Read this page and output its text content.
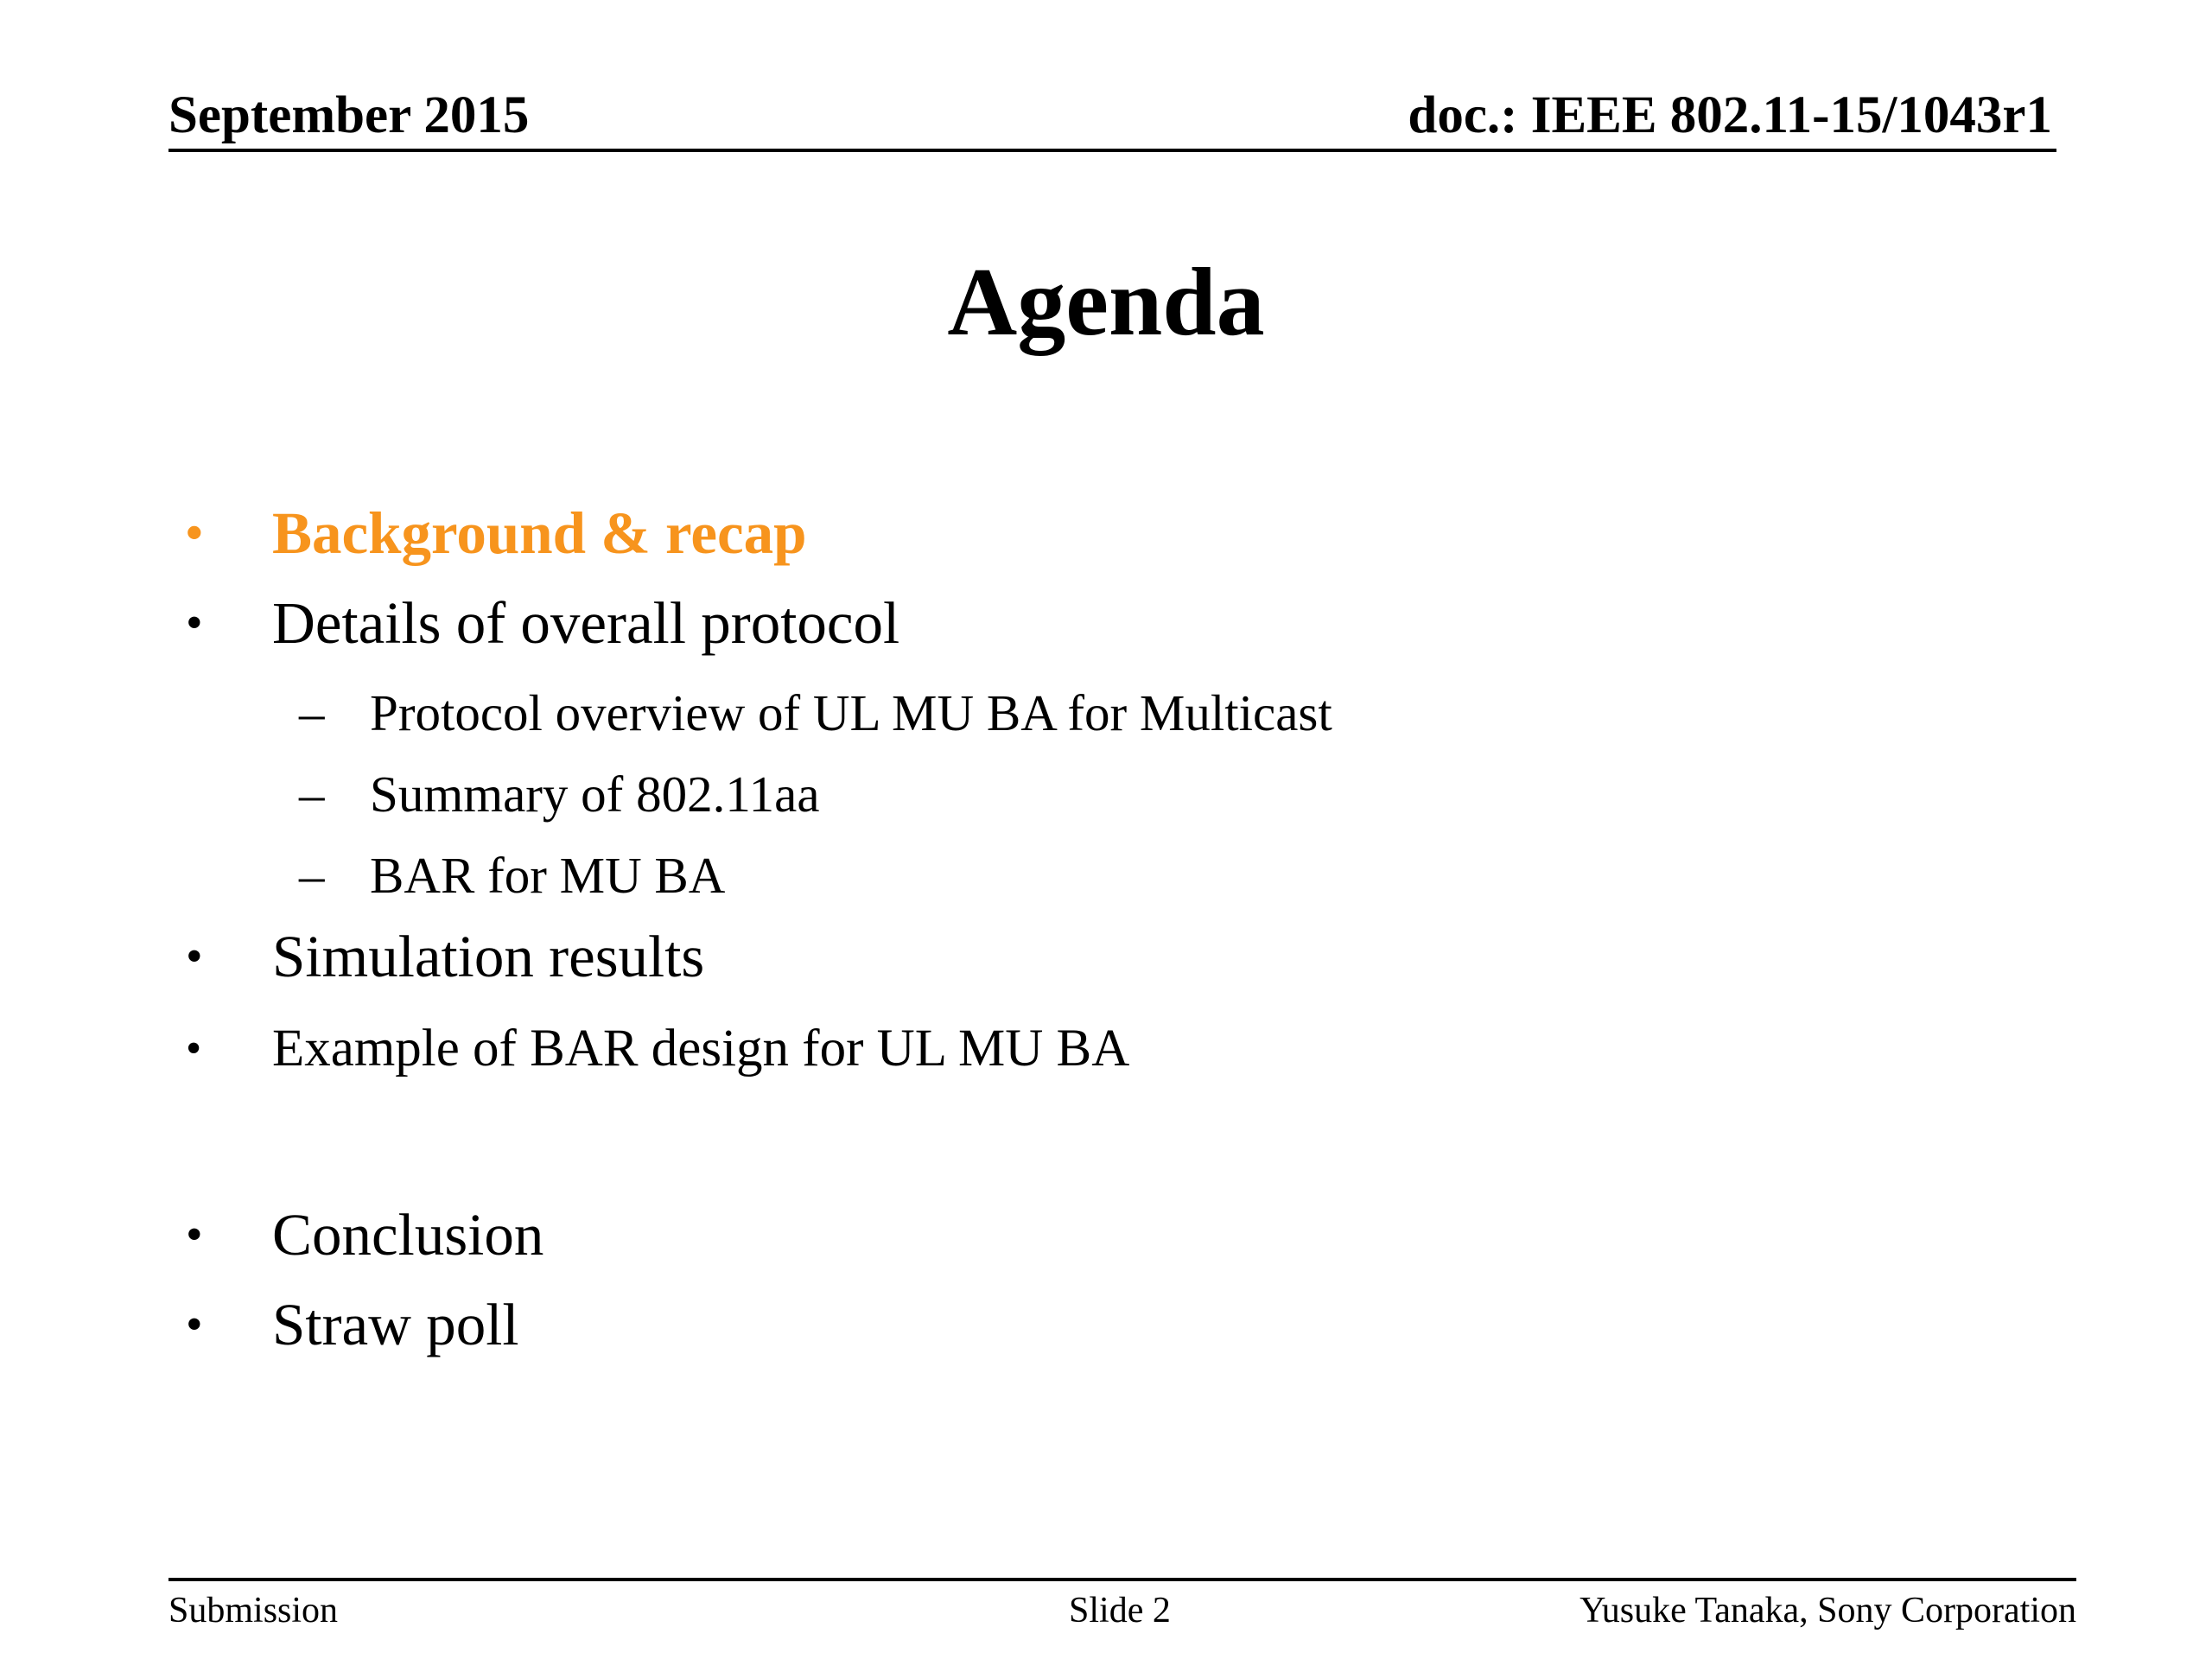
September 2015	doc.: IEEE 802.11-15/1043r1
Agenda
• Background & recap
• Details of overall protocol
– Protocol overview of UL MU BA for Multicast
– Summary of 802.11aa
– BAR for MU BA
• Simulation results
• Example of BAR design for UL MU BA
• Conclusion
• Straw poll
Submission	Slide 2	Yusuke Tanaka, Sony Corporation
